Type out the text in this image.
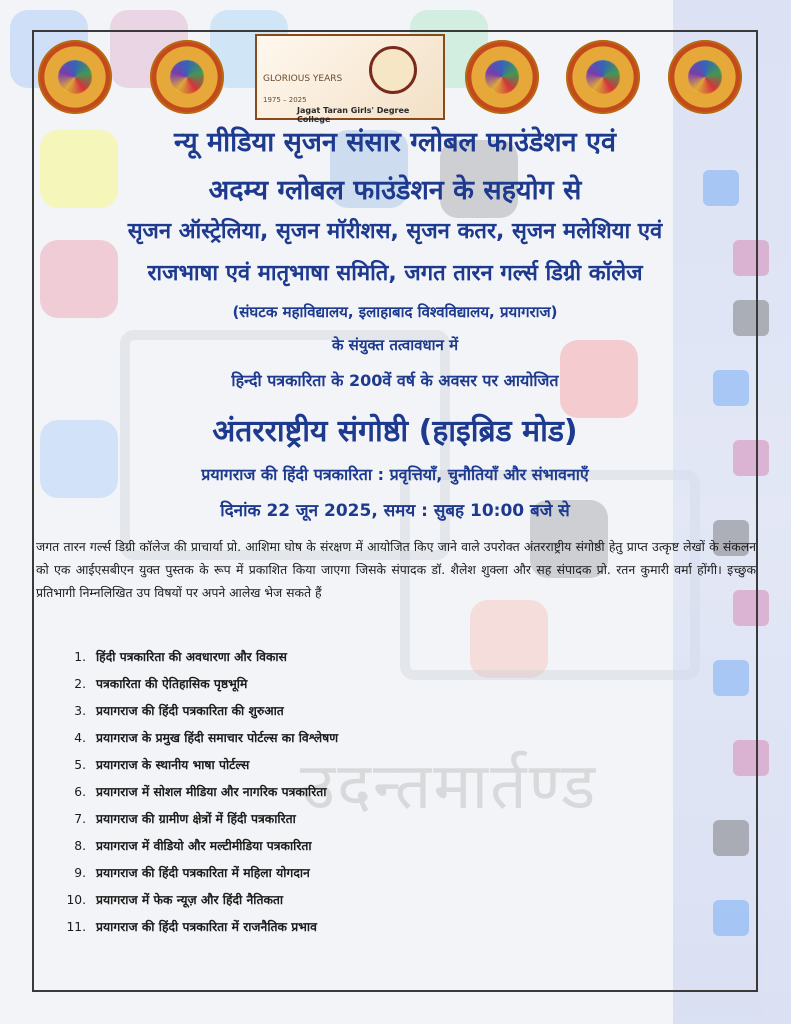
उदन्तमार्तण्ड
GLORIOUS YEARS
1975 – 2025
Jagat Taran Girls' Degree College
न्यू मीडिया सृजन संसार ग्लोबल फाउंडेशन एवं
अदम्य ग्लोबल फाउंडेशन के सहयोग से
सृजन ऑस्ट्रेलिया, सृजन मॉरीशस, सृजन कतर, सृजन मलेशिया एवं
राजभाषा एवं मातृभाषा समिति, जगत तारन गर्ल्स डिग्री कॉलेज
(संघटक महाविद्यालय, इलाहाबाद विश्वविद्यालय, प्रयागराज)
के संयुक्त तत्वावधान में
हिन्दी पत्रकारिता के 200वें वर्ष के अवसर पर आयोजित
अंतरराष्ट्रीय संगोष्ठी (हाइब्रिड मोड)
प्रयागराज की हिंदी पत्रकारिता : प्रवृत्तियाँ, चुनौतियाँ और संभावनाएँ
दिनांक 22 जून 2025, समय : सुबह 10:00 बजे से

जगत तारन गर्ल्स डिग्री कॉलेज की प्राचार्या प्रो. आशिमा घोष के संरक्षण में आयोजित किए जाने वाले उपरोक्त अंतरराष्ट्रीय संगोष्ठी हेतु प्राप्त उत्कृष्ट लेखों के संकलन को एक आईएसबीएन युक्त पुस्तक के रूप में प्रकाशित किया जाएगा जिसके संपादक डॉ. शैलेश शुक्ला और सह संपादक प्रो. रतन कुमारी वर्मा होंगी। इच्छुक प्रतिभागी निम्नलिखित उप विषयों पर अपने आलेख भेज सकते हैं

1. हिंदी पत्रकारिता की अवधारणा और विकास
2. पत्रकारिता की ऐतिहासिक पृष्ठभूमि
3. प्रयागराज की हिंदी पत्रकारिता की शुरुआत
4. प्रयागराज के प्रमुख हिंदी समाचार पोर्टल्स का विश्लेषण
5. प्रयागराज के स्थानीय भाषा पोर्टल्स
6. प्रयागराज में सोशल मीडिया और नागरिक पत्रकारिता
7. प्रयागराज की ग्रामीण क्षेत्रों में हिंदी पत्रकारिता
8. प्रयागराज में वीडियो और मल्टीमीडिया पत्रकारिता
9. प्रयागराज की हिंदी पत्रकारिता में महिला योगदान
10. प्रयागराज में फेक न्यूज़ और हिंदी नैतिकता
11. प्रयागराज की हिंदी पत्रकारिता में राजनैतिक प्रभाव
